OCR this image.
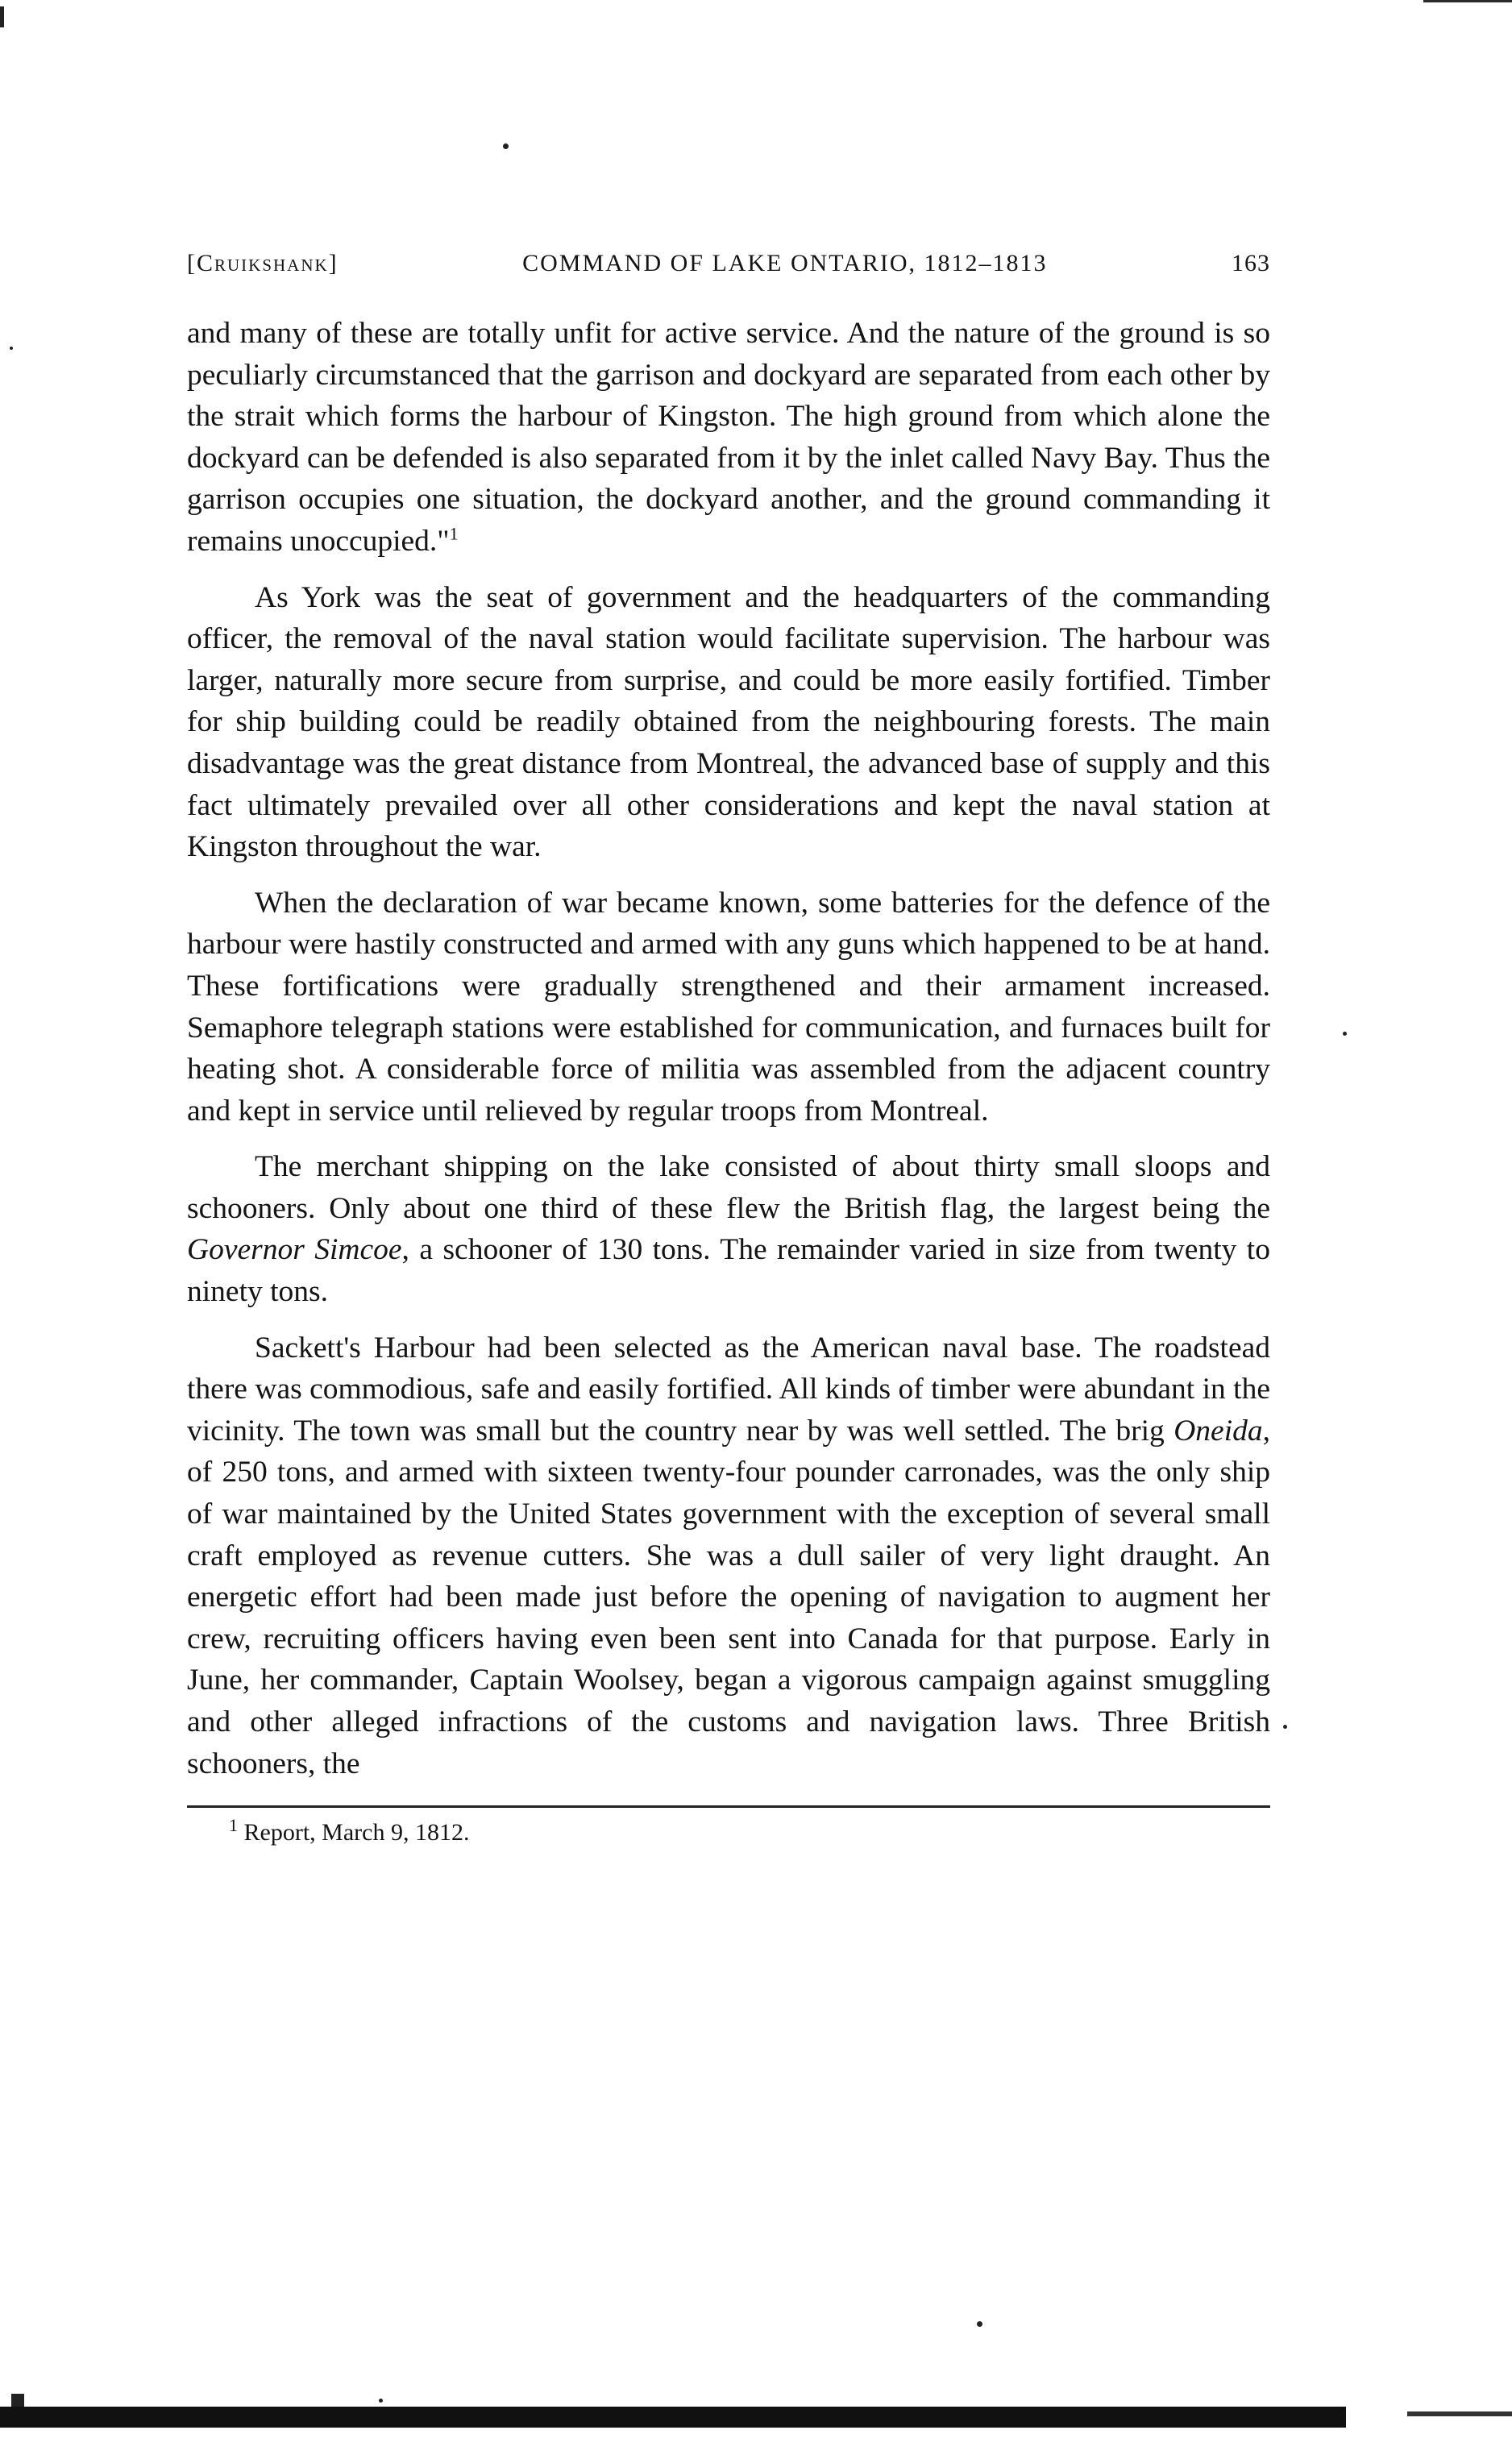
[Cruikshank]	COMMAND OF LAKE ONTARIO, 1812–1813	163

and many of these are totally unfit for active service. And the nature of the ground is so peculiarly circumstanced that the garrison and dockyard are separated from each other by the strait which forms the harbour of Kingston. The high ground from which alone the dockyard can be defended is also separated from it by the inlet called Navy Bay. Thus the garrison occupies one situation, the dockyard another, and the ground commanding it remains unoccupied."$^1$

As York was the seat of government and the headquarters of the commanding officer, the removal of the naval station would facilitate supervision. The harbour was larger, naturally more secure from surprise, and could be more easily fortified. Timber for ship building could be readily obtained from the neighbouring forests. The main disadvantage was the great distance from Montreal, the advanced base of supply and this fact ultimately prevailed over all other considerations and kept the naval station at Kingston throughout the war.

When the declaration of war became known, some batteries for the defence of the harbour were hastily constructed and armed with any guns which happened to be at hand. These fortifications were gradually strengthened and their armament increased. Semaphore telegraph stations were established for communication, and furnaces built for heating shot. A considerable force of militia was assembled from the adjacent country and kept in service until relieved by regular troops from Montreal.

The merchant shipping on the lake consisted of about thirty small sloops and schooners. Only about one third of these flew the British flag, the largest being the Governor Simcoe, a schooner of 130 tons. The remainder varied in size from twenty to ninety tons.

Sackett's Harbour had been selected as the American naval base. The roadstead there was commodious, safe and easily fortified. All kinds of timber were abundant in the vicinity. The town was small but the country near by was well settled. The brig Oneida, of 250 tons, and armed with sixteen twenty-four pounder carronades, was the only ship of war maintained by the United States government with the exception of several small craft employed as revenue cutters. She was a dull sailer of very light draught. An energetic effort had been made just before the opening of navigation to augment her crew, recruiting officers having even been sent into Canada for that purpose. Early in June, her commander, Captain Woolsey, began a vigorous campaign against smuggling and other alleged infractions of the customs and navigation laws. Three British schooners, the

$^1$ Report, March 9, 1812.
